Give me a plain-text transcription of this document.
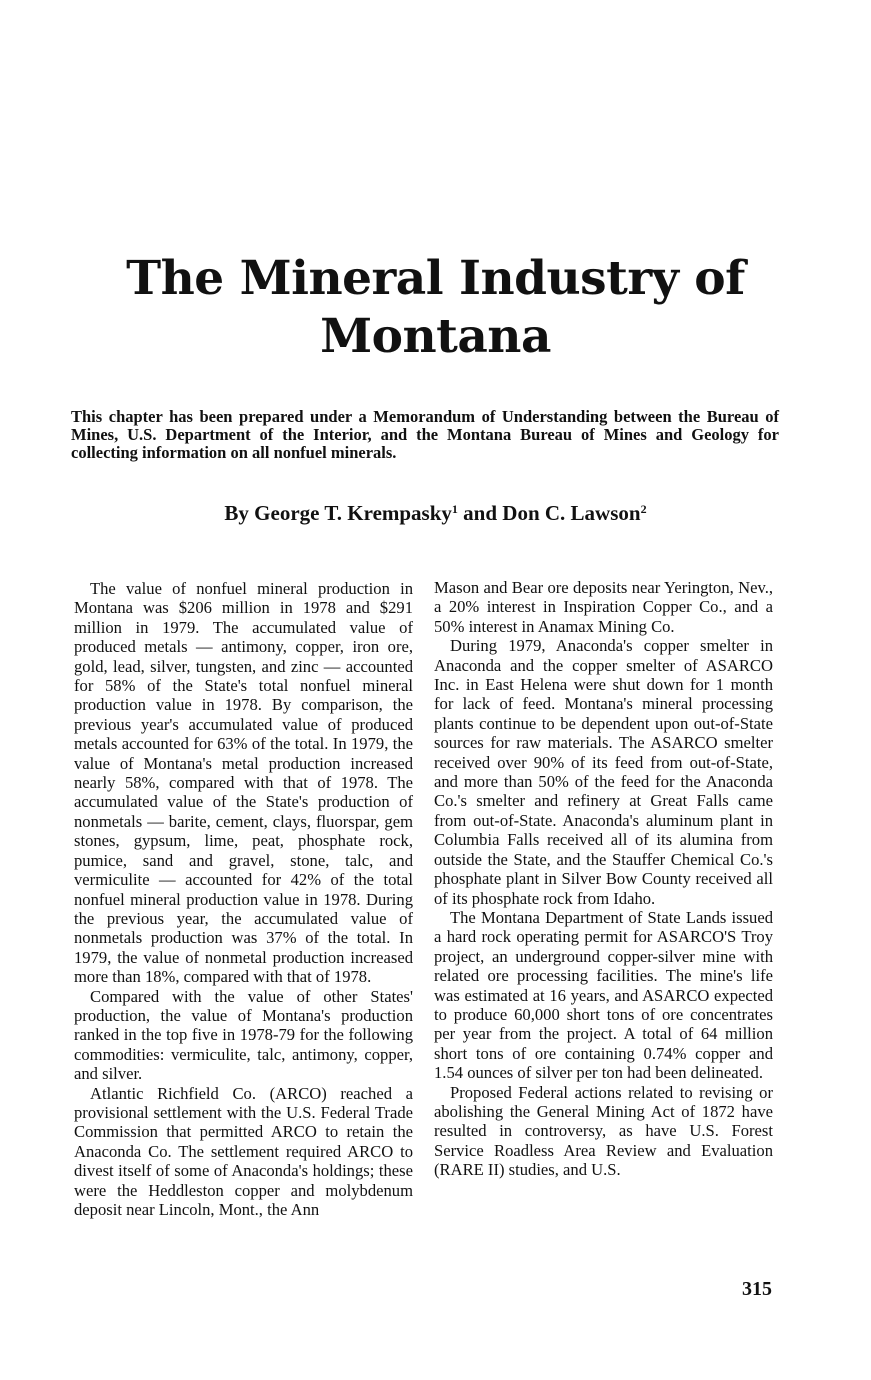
The Mineral Industry of
Montana

This chapter has been prepared under a Memorandum of Understanding between the Bureau of Mines, U.S. Department of the Interior, and the Montana Bureau of Mines and Geology for collecting information on all nonfuel minerals.

By George T. Krempasky$^1$ and Don C. Lawson$^2$

The value of nonfuel mineral production in Montana was $206 million in 1978 and $291 million in 1979. The accumulated value of produced metals — antimony, copper, iron ore, gold, lead, silver, tungsten, and zinc — accounted for 58% of the State's total nonfuel mineral production value in 1978. By comparison, the previous year's accumulated value of produced metals accounted for 63% of the total. In 1979, the value of Montana's metal production increased nearly 58%, compared with that of 1978. The accumulated value of the State's production of nonmetals — barite, cement, clays, fluorspar, gem stones, gypsum, lime, peat, phosphate rock, pumice, sand and gravel, stone, talc, and vermiculite — accounted for 42% of the total nonfuel mineral production value in 1978. During the previous year, the accumulated value of nonmetals production was 37% of the total. In 1979, the value of nonmetal production increased more than 18%, compared with that of 1978.

Compared with the value of other States' production, the value of Montana's production ranked in the top five in 1978-79 for the following commodities: vermiculite, talc, antimony, copper, and silver.

Atlantic Richfield Co. (ARCO) reached a provisional settlement with the U.S. Federal Trade Commission that permitted ARCO to retain the Anaconda Co. The settlement required ARCO to divest itself of some of Anaconda's holdings; these were the Heddleston copper and molybdenum deposit near Lincoln, Mont., the Ann

Mason and Bear ore deposits near Yerington, Nev., a 20% interest in Inspiration Copper Co., and a 50% interest in Anamax Mining Co.

During 1979, Anaconda's copper smelter in Anaconda and the copper smelter of ASARCO Inc. in East Helena were shut down for 1 month for lack of feed. Montana's mineral processing plants continue to be dependent upon out-of-State sources for raw materials. The ASARCO smelter received over 90% of its feed from out-of-State, and more than 50% of the feed for the Anaconda Co.'s smelter and refinery at Great Falls came from out-of-State. Anaconda's aluminum plant in Columbia Falls received all of its alumina from outside the State, and the Stauffer Chemical Co.'s phosphate plant in Silver Bow County received all of its phosphate rock from Idaho.

The Montana Department of State Lands issued a hard rock operating permit for ASARCO'S Troy project, an underground copper-silver mine with related ore processing facilities. The mine's life was estimated at 16 years, and ASARCO expected to produce 60,000 short tons of ore concentrates per year from the project. A total of 64 million short tons of ore containing 0.74% copper and 1.54 ounces of silver per ton had been delineated.

Proposed Federal actions related to revising or abolishing the General Mining Act of 1872 have resulted in controversy, as have U.S. Forest Service Roadless Area Review and Evaluation (RARE II) studies, and U.S.

315
